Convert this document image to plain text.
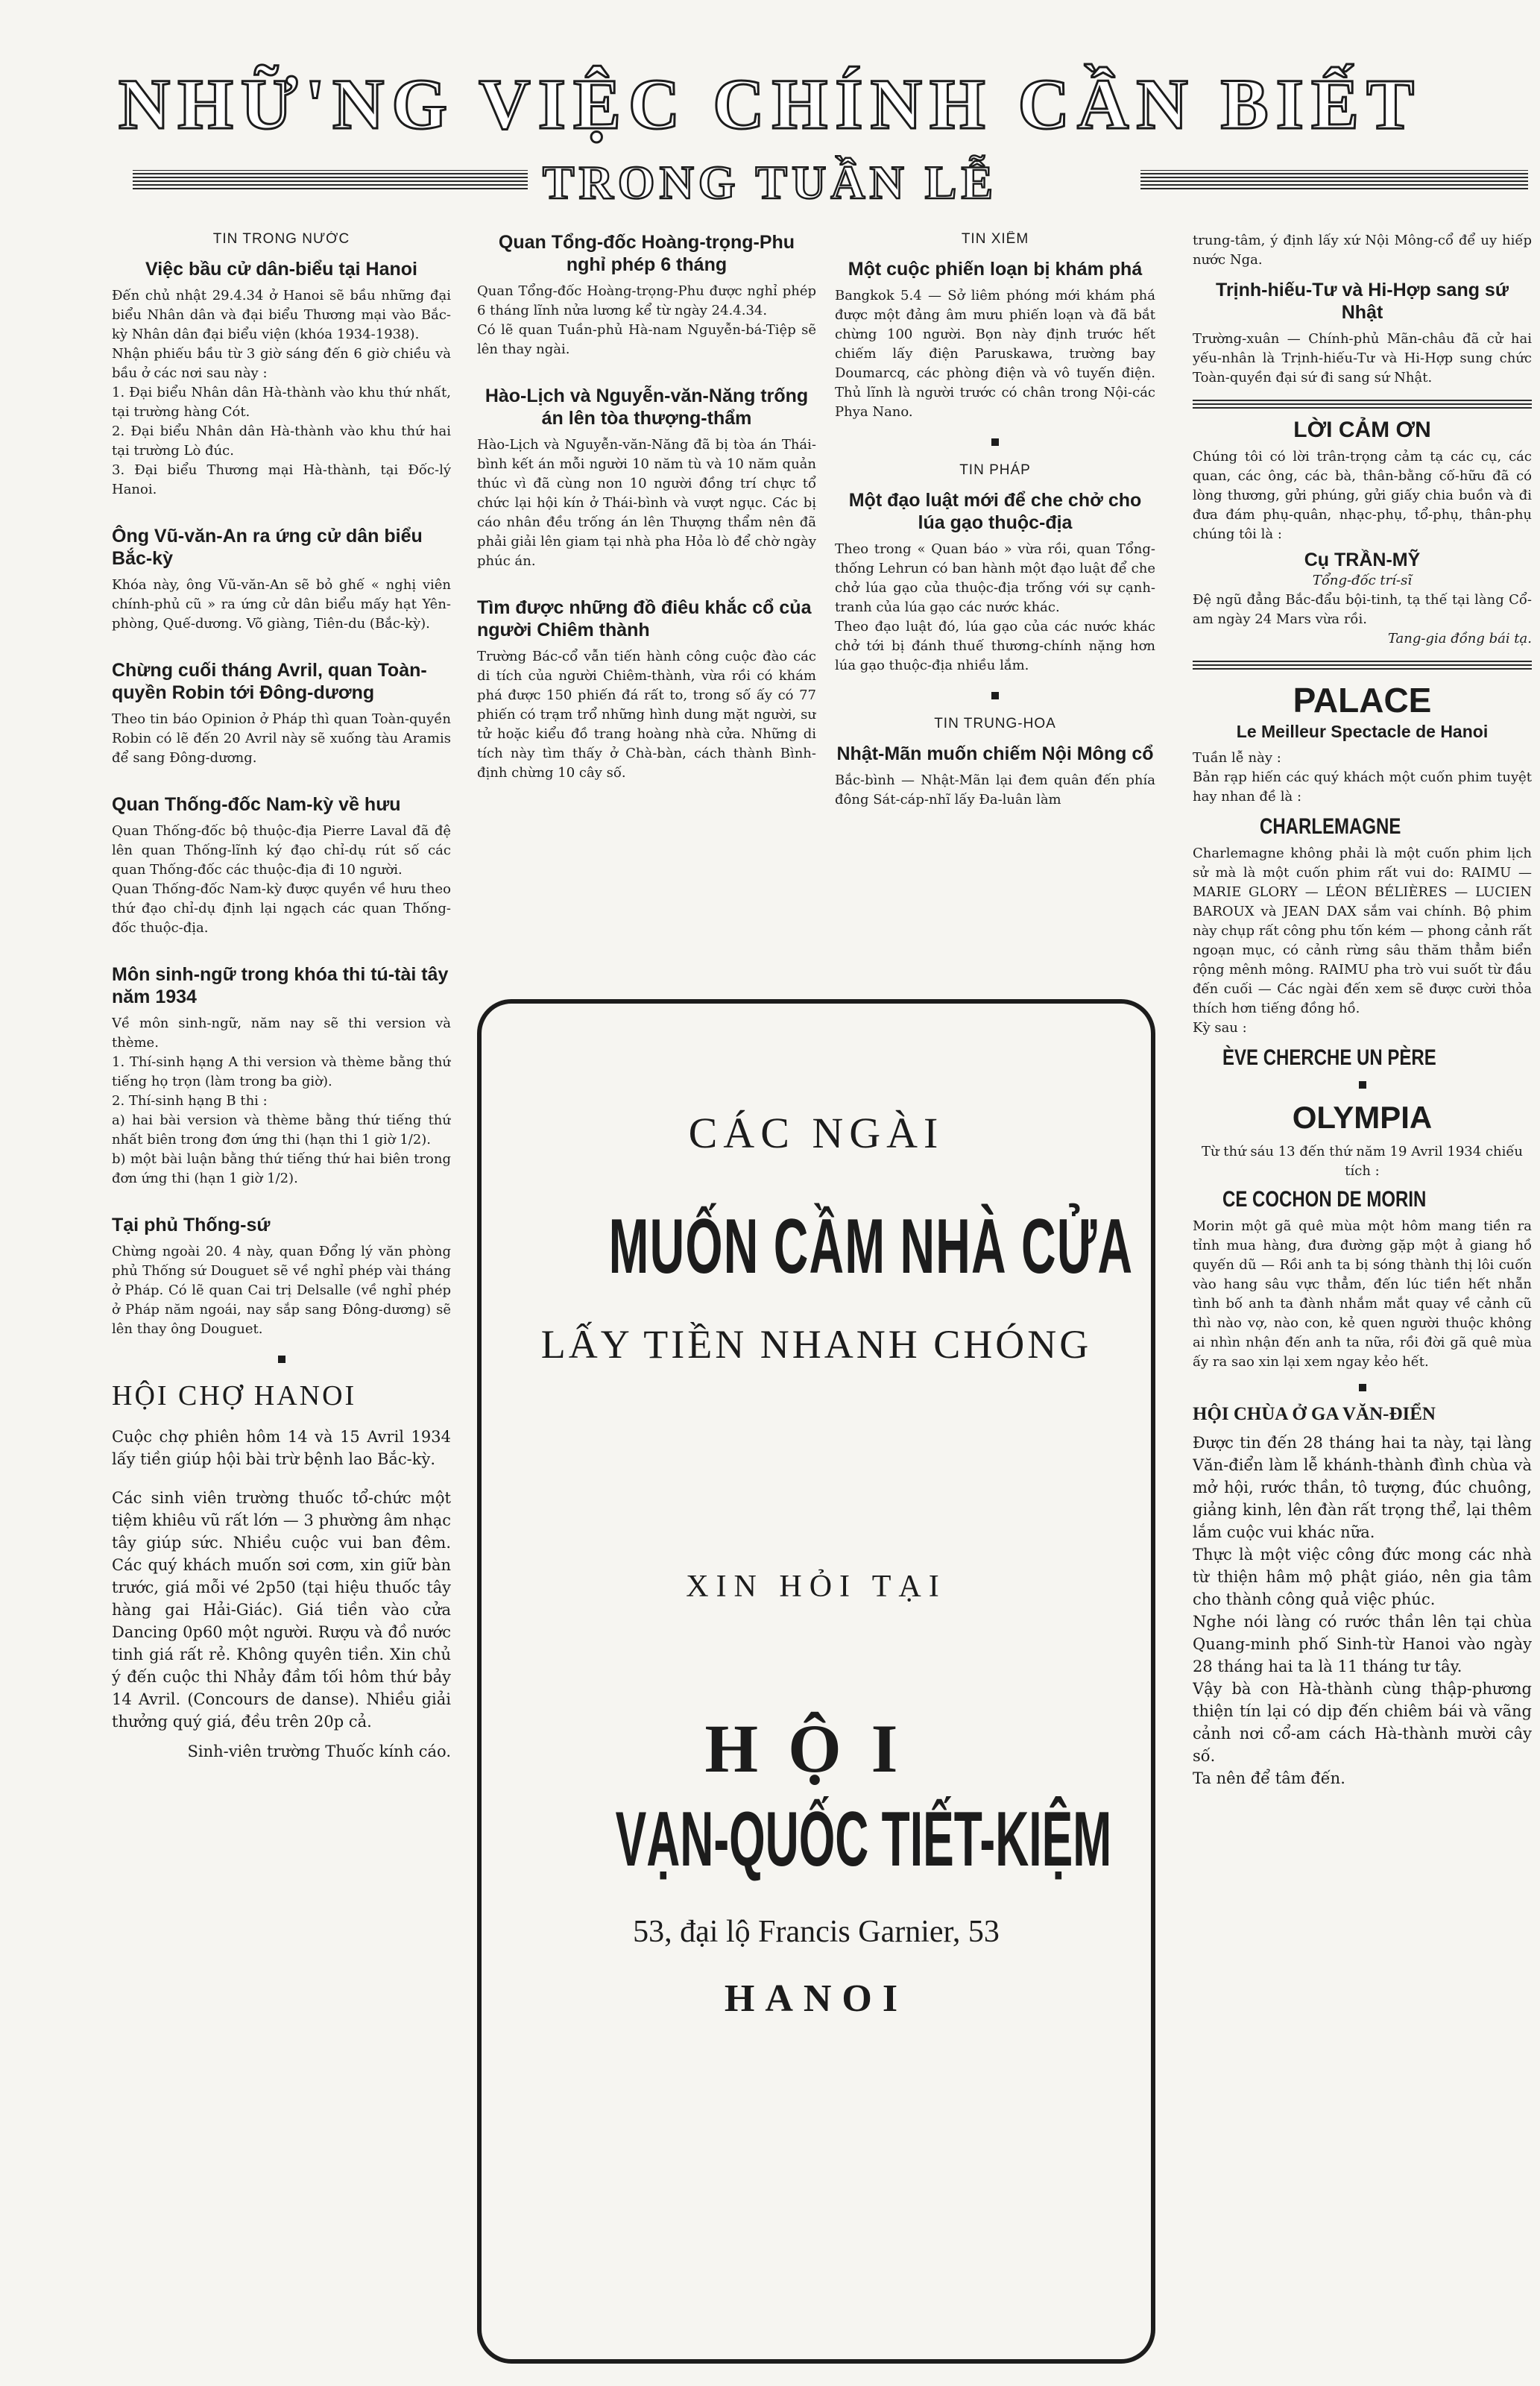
NHỮ'NG VIỆC CHÍNH CẦN BIẾT
TRONG TUẦN LỄ
TIN TRONG NƯỚC
Việc bầu cử dân-biểu tại Hanoi

Đến chủ nhật 29.4.34 ở Hanoi sẽ bầu những đại biểu Nhân dân và đại biểu Thương mại vào Bắc-kỳ Nhân dân đại biểu viện (khóa 1934-1938).

Nhận phiếu bầu từ 3 giờ sáng đến 6 giờ chiều và bầu ở các nơi sau này :

1. Đại biểu Nhân dân Hà-thành vào khu thứ nhất, tại trường hàng Cót.

2. Đại biểu Nhân dân Hà-thành vào khu thứ hai tại trường Lò đúc.

3. Đại biểu Thương mại Hà-thành, tại Đốc-lý Hanoi.

Ông Vũ-văn-An ra ứng cử dân biểu Bắc-kỳ

Khóa này, ông Vũ-văn-An sẽ bỏ ghế « nghị viên chính-phủ cũ » ra ứng cử dân biểu mấy hạt Yên-phòng, Quế-dương. Võ giàng, Tiên-du (Bắc-kỳ).

Chừng cuối tháng Avril, quan Toàn-quyền Robin tới Đông-dương

Theo tin báo Opinion ở Pháp thì quan Toàn-quyền Robin có lẽ đến 20 Avril này sẽ xuống tàu Aramis để sang Đông-dương.

Quan Thống-đốc Nam-kỳ về hưu

Quan Thống-đốc bộ thuộc-địa Pierre Laval đã đệ lên quan Thống-lĩnh ký đạo chỉ-dụ rút số các quan Thống-đốc các thuộc-địa đi 10 người.

Quan Thống-đốc Nam-kỳ được quyền về hưu theo thứ đạo chỉ-dụ định lại ngạch các quan Thống-đốc thuộc-địa.

Môn sinh-ngữ trong khóa thi tú-tài tây năm 1934

Về môn sinh-ngữ, năm nay sẽ thi version và thème.

1. Thí-sinh hạng A thi version và thème bằng thứ tiếng họ trọn (làm trong ba giờ).

2. Thí-sinh hạng B thi :

a) hai bài version và thème bằng thứ tiếng thứ nhất biên trong đơn ứng thi (hạn thi 1 giờ 1/2).

b) một bài luận bằng thứ tiếng thứ hai biên trong đơn ứng thi (hạn 1 giờ 1/2).

Tại phủ Thống-sứ

Chừng ngoài 20. 4 này, quan Đổng lý văn phòng phủ Thống sứ Douguet sẽ về nghỉ phép vài tháng ở Pháp. Có lẽ quan Cai trị Delsalle (về nghỉ phép ở Pháp năm ngoái, nay sắp sang Đông-dương) sẽ lên thay ông Douguet.

HỘI CHỢ HANOI

Cuộc chợ phiên hôm 14 và 15 Avril 1934 lấy tiền giúp hội bài trừ bệnh lao Bắc-kỳ.

Các sinh viên trường thuốc tổ-chức một tiệm khiêu vũ rất lớn — 3 phường âm nhạc tây giúp sức. Nhiều cuộc vui ban đêm. Các quý khách muốn sơi cơm, xin giữ bàn trước, giá mỗi vé 2p50 (tại hiệu thuốc tây hàng gai Hải-Giác). Giá tiền vào cửa Dancing 0p60 một người. Rượu và đồ nước tinh giá rất rẻ. Không quyên tiền. Xin chủ ý đến cuộc thi Nhảy đầm tối hôm thứ bảy 14 Avril. (Concours de danse). Nhiều giải thưởng quý giá, đều trên 20p cả.

Sinh-viên trường Thuốc kính cáo.

Quan Tổng-đốc Hoàng-trọng-Phu nghỉ phép 6 tháng

Quan Tổng-đốc Hoàng-trọng-Phu được nghỉ phép 6 tháng lĩnh nửa lương kể từ ngày 24.4.34.

Có lẽ quan Tuần-phủ Hà-nam Nguyễn-bá-Tiệp sẽ lên thay ngài.

Hào-Lịch và Nguyễn-văn-Năng trống án lên tòa thượng-thẩm

Hào-Lịch và Nguyễn-văn-Năng đã bị tòa án Thái-bình kết án mỗi người 10 năm tù và 10 năm quản thúc vì đã cùng non 10 người đồng trí chực tổ chức lại hội kín ở Thái-bình và vượt ngục. Các bị cáo nhân đều trống án lên Thượng thẩm nên đã phải giải lên giam tại nhà pha Hỏa lò để chờ ngày phúc án.

Tìm được những đồ điêu khắc cổ của người Chiêm thành

Trường Bác-cổ vẫn tiến hành công cuộc đào các di tích của người Chiêm-thành, vừa rồi có khám phá được 150 phiến đá rất to, trong số ấy có 77 phiến có trạm trổ những hình dung mặt người, sư tử hoặc kiểu đồ trang hoàng nhà cửa. Những di tích này tìm thấy ở Chà-bàn, cách thành Bình-định chừng 10 cây số.

TIN XIÊM
Một cuộc phiến loạn bị khám phá

Bangkok 5.4 — Sở liêm phóng mới khám phá được một đảng âm mưu phiến loạn và đã bắt chừng 100 người. Bọn này định trước hết chiếm lấy điện Paruskawa, trường bay Doumarcq, các phòng điện và vô tuyến điện. Thủ lĩnh là người trước có chân trong Nội-các Phya Nano.

TIN PHÁP
Một đạo luật mới để che chở cho lúa gạo thuộc-địa

Theo trong « Quan báo » vừa rồi, quan Tổng-thống Lehrun có ban hành một đạo luật để che chở lúa gạo của thuộc-địa trống với sự cạnh-tranh của lúa gạo các nước khác.

Theo đạo luật đó, lúa gạo của các nước khác chở tới bị đánh thuế thương-chính nặng hơn lúa gạo thuộc-địa nhiều lắm.

TIN TRUNG-HOA
Nhật-Mãn muốn chiếm Nội Mông cổ

Bắc-bình — Nhật-Mãn lại đem quân đến phía đông Sát-cáp-nhĩ lấy Đa-luân làm

trung-tâm, ý định lấy xứ Nội Mông-cổ để uy hiếp nước Nga.

Trịnh-hiếu-Tư và Hi-Hợp sang sứ Nhật

Trường-xuân — Chính-phủ Mãn-châu đã cử hai yếu-nhân là Trịnh-hiếu-Tư và Hi-Hợp sung chức Toàn-quyền đại sứ đi sang sứ Nhật.

LỜI CẢM ƠN

Chúng tôi có lời trân-trọng cảm tạ các cụ, các quan, các ông, các bà, thân-bằng cố-hữu đã có lòng thương, gửi phúng, gửi giấy chia buồn và đi đưa đám phụ-quân, nhạc-phụ, tổ-phụ, thân-phụ chúng tôi là :

Cụ TRẦN-MỸ

Tổng-đốc trí-sĩ

Đệ ngũ đẳng Bắc-đẩu bội-tinh, tạ thế tại làng Cổ-am ngày 24 Mars vừa rồi.

Tang-gia đồng bái tạ.

PALACE
Le Meilleur Spectacle de Hanoi

Tuần lễ này :

Bản rạp hiến các quý khách một cuốn phim tuyệt hay nhan đề là :

CHARLEMAGNE

Charlemagne không phải là một cuốn phim lịch sử mà là một cuốn phim rất vui do: RAIMU — MARIE GLORY — LÉON BÉLIÈRES — LUCIEN BAROUX và JEAN DAX sắm vai chính. Bộ phim này chụp rất công phu tốn kém — phong cảnh rất ngoạn mục, có cảnh rừng sâu thăm thẳm biển rộng mênh mông. RAIMU pha trò vui suốt từ đầu đến cuối — Các ngài đến xem sẽ được cười thỏa thích hơn tiếng đồng hồ.

Kỳ sau :

ÈVE CHERCHE UN PÈRE
OLYMPIA

Từ thứ sáu 13 đến thứ năm 19 Avril 1934 chiếu tích :

CE COCHON DE MORIN

Morin một gã quê mùa một hôm mang tiền ra tỉnh mua hàng, đưa đường gặp một ả giang hồ quyến dũ — Rồi anh ta bị sóng thành thị lôi cuốn vào hang sâu vực thẳm, đến lúc tiền hết nhẵn tình bố anh ta đành nhắm mắt quay về cảnh cũ thì nào vợ, nào con, kẻ quen người thuộc không ai nhìn nhận đến anh ta nữa, rồi đời gã quê mùa ấy ra sao xin lại xem ngay kẻo hết.

HỘI CHÙA Ở GA VĂN-ĐIỂN

Được tin đến 28 tháng hai ta này, tại làng Văn-điển làm lễ khánh-thành đình chùa và mở hội, rước thần, tô tượng, đúc chuông, giảng kinh, lên đàn rất trọng thể, lại thêm lắm cuộc vui khác nữa.

Thực là một việc công đức mong các nhà từ thiện hâm mộ phật giáo, nên gia tâm cho thành công quả việc phúc.

Nghe nói làng có rước thần lên tại chùa Quang-minh phố Sinh-từ Hanoi vào ngày 28 tháng hai ta là 11 tháng tư tây.

Vậy bà con Hà-thành cùng thập-phương thiện tín lại có dịp đến chiêm bái và vãng cảnh nơi cổ-am cách Hà-thành mười cây số.

Ta nên để tâm đến.

CÁC NGÀI
MUỐN CẦM NHÀ CỬA
LẤY TIỀN NHANH CHÓNG
XIN HỎI TẠI
HỘI
VẠN-QUỐC TIẾT-KIỆM
53, đại lộ Francis Garnier, 53
HANOI
